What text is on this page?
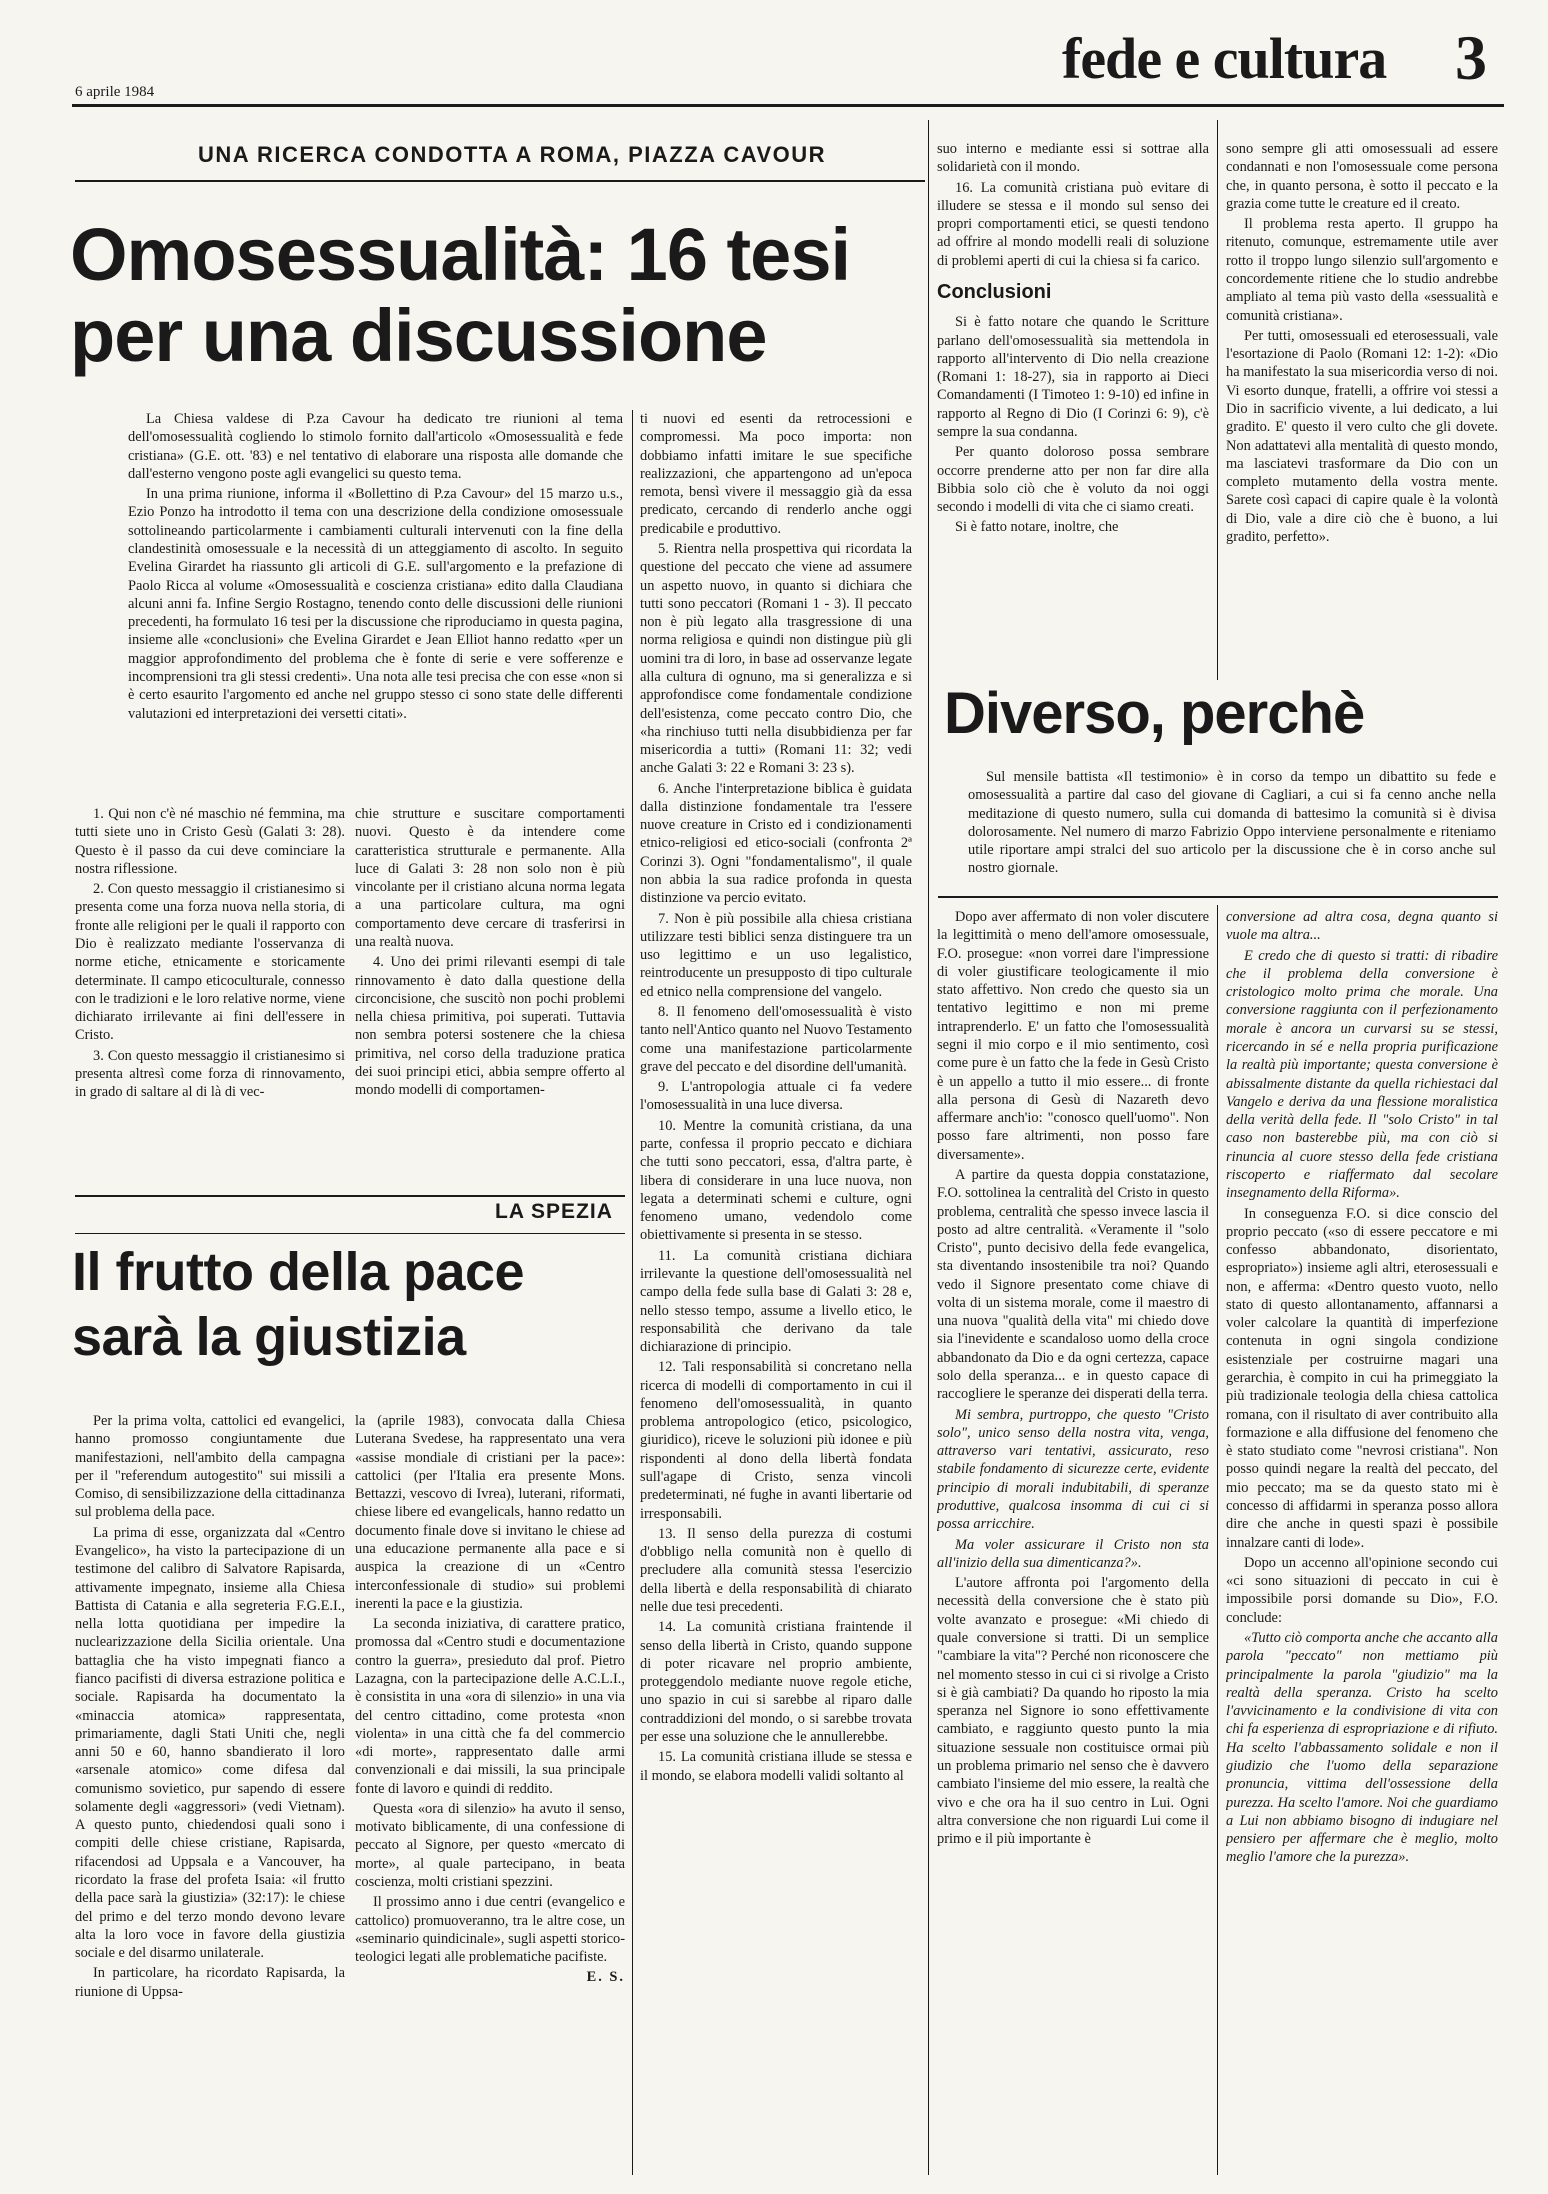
6 aprile 1984
fede e cultura 3
UNA RICERCA CONDOTTA A ROMA, PIAZZA CAVOUR
Omosessualità: 16 tesi
per una discussione

La Chiesa valdese di P.za Cavour ha dedicato tre riunioni al tema dell'omosessualità cogliendo lo stimolo fornito dall'articolo «Omosessualità e fede cristiana» (G.E. ott. '83) e nel tentativo di elaborare una risposta alle domande che dall'esterno vengono poste agli evangelici su questo tema.

In una prima riunione, informa il «Bollettino di P.za Cavour» del 15 marzo u.s., Ezio Ponzo ha introdotto il tema con una descrizione della condizione omosessuale sottolineando particolarmente i cambiamenti culturali intervenuti con la fine della clandestinità omosessuale e la necessità di un atteggiamento di ascolto. In seguito Evelina Girardet ha riassunto gli articoli di G.E. sull'argomento e la prefazione di Paolo Ricca al volume «Omosessualità e coscienza cristiana» edito dalla Claudiana alcuni anni fa. Infine Sergio Rostagno, tenendo conto delle discussioni delle riunioni precedenti, ha formulato 16 tesi per la discussione che riproduciamo in questa pagina, insieme alle «conclusioni» che Evelina Girardet e Jean Elliot hanno redatto «per un maggior approfondimento del problema che è fonte di serie e vere sofferenze e incomprensioni tra gli stessi credenti». Una nota alle tesi precisa che con esse «non si è certo esaurito l'argomento ed anche nel gruppo stesso ci sono state delle differenti valutazioni ed interpretazioni dei versetti citati».

1. Qui non c'è né maschio né femmina, ma tutti siete uno in Cristo Gesù (Galati 3: 28). Questo è il passo da cui deve cominciare la nostra riflessione.

2. Con questo messaggio il cristianesimo si presenta come una forza nuova nella storia, di fronte alle religioni per le quali il rapporto con Dio è realizzato mediante l'osservanza di norme etiche, etnicamente e storicamente determinate. Il campo eticoculturale, connesso con le tradizioni e le loro relative norme, viene dichiarato irrilevante ai fini dell'essere in Cristo.

3. Con questo messaggio il cristianesimo si presenta altresì come forza di rinnovamento, in grado di saltare al di là di vec-

chie strutture e suscitare comportamenti nuovi. Questo è da intendere come caratteristica strutturale e permanente. Alla luce di Galati 3: 28 non solo non è più vincolante per il cristiano alcuna norma legata a una particolare cultura, ma ogni comportamento deve cercare di trasferirsi in una realtà nuova.

4. Uno dei primi rilevanti esempi di tale rinnovamento è dato dalla questione della circoncisione, che suscitò non pochi problemi nella chiesa primitiva, poi superati. Tuttavia non sembra potersi sostenere che la chiesa primitiva, nel corso della traduzione pratica dei suoi principi etici, abbia sempre offerto al mondo modelli di comportamen-

ti nuovi ed esenti da retrocessioni e compromessi. Ma poco importa: non dobbiamo infatti imitare le sue specifiche realizzazioni, che appartengono ad un'epoca remota, bensì vivere il messaggio già da essa predicato, cercando di renderlo anche oggi predicabile e produttivo.

5. Rientra nella prospettiva qui ricordata la questione del peccato che viene ad assumere un aspetto nuovo, in quanto si dichiara che tutti sono peccatori (Romani 1 - 3). Il peccato non è più legato alla trasgressione di una norma religiosa e quindi non distingue più gli uomini tra di loro, in base ad osservanze legate alla cultura di ognuno, ma si generalizza e si approfondisce come fondamentale condizione dell'esistenza, come peccato contro Dio, che «ha rinchiuso tutti nella disubbidienza per far misericordia a tutti» (Romani 11: 32; vedi anche Galati 3: 22 e Romani 3: 23 s).

6. Anche l'interpretazione biblica è guidata dalla distinzione fondamentale tra l'essere nuove creature in Cristo ed i condizionamenti etnico-religiosi ed etico-sociali (confronta 2ª Corinzi 3). Ogni "fondamentalismo", il quale non abbia la sua radice profonda in questa distinzione va percio evitato.

7. Non è più possibile alla chiesa cristiana utilizzare testi biblici senza distinguere tra un uso legittimo e un uso legalistico, reintroducente un presupposto di tipo culturale ed etnico nella comprensione del vangelo.

8. Il fenomeno dell'omosessualità è visto tanto nell'Antico quanto nel Nuovo Testamento come una manifestazione particolarmente grave del peccato e del disordine dell'umanità.

9. L'antropologia attuale ci fa vedere l'omosessualità in una luce diversa.

10. Mentre la comunità cristiana, da una parte, confessa il proprio peccato e dichiara che tutti sono peccatori, essa, d'altra parte, è libera di considerare in una luce nuova, non legata a determinati schemi e culture, ogni fenomeno umano, vedendolo come obiettivamente si presenta in se stesso.

11. La comunità cristiana dichiara irrilevante la questione dell'omosessualità nel campo della fede sulla base di Galati 3: 28 e, nello stesso tempo, assume a livello etico, le responsabilità che derivano da tale dichiarazione di principio.

12. Tali responsabilità si concretano nella ricerca di modelli di comportamento in cui il fenomeno dell'omosessualità, in quanto problema antropologico (etico, psicologico, giuridico), riceve le soluzioni più idonee e più rispondenti al dono della libertà fondata sull'agape di Cristo, senza vincoli predeterminati, né fughe in avanti libertarie od irresponsabili.

13. Il senso della purezza di costumi d'obbligo nella comunità non è quello di precludere alla comunità stessa l'esercizio della libertà e della responsabilità di chiarato nelle due tesi precedenti.

14. La comunità cristiana fraintende il senso della libertà in Cristo, quando suppone di poter ricavare nel proprio ambiente, proteggendolo mediante nuove regole etiche, uno spazio in cui si sarebbe al riparo dalle contraddizioni del mondo, o si sarebbe trovata per esse una soluzione che le annullerebbe.

15. La comunità cristiana illude se stessa e il mondo, se elabora modelli validi soltanto al

suo interno e mediante essi si sottrae alla solidarietà con il mondo.

16. La comunità cristiana può evitare di illudere se stessa e il mondo sul senso dei propri comportamenti etici, se questi tendono ad offrire al mondo modelli reali di soluzione di problemi aperti di cui la chiesa si fa carico.

Conclusioni

Si è fatto notare che quando le Scritture parlano dell'omosessualità sia mettendola in rapporto all'intervento di Dio nella creazione (Romani 1: 18-27), sia in rapporto ai Dieci Comandamenti (I Timoteo 1: 9-10) ed infine in rapporto al Regno di Dio (I Corinzi 6: 9), c'è sempre la sua condanna.

Per quanto doloroso possa sembrare occorre prenderne atto per non far dire alla Bibbia solo ciò che è voluto da noi oggi secondo i modelli di vita che ci siamo creati.

Si è fatto notare, inoltre, che

sono sempre gli atti omosessuali ad essere condannati e non l'omosessuale come persona che, in quanto persona, è sotto il peccato e la grazia come tutte le creature ed il creato.

Il problema resta aperto. Il gruppo ha ritenuto, comunque, estremamente utile aver rotto il troppo lungo silenzio sull'argomento e concordemente ritiene che lo studio andrebbe ampliato al tema più vasto della «sessualità e comunità cristiana».

Per tutti, omosessuali ed eterosessuali, vale l'esortazione di Paolo (Romani 12: 1-2): «Dio ha manifestato la sua misericordia verso di noi. Vi esorto dunque, fratelli, a offrire voi stessi a Dio in sacrificio vivente, a lui dedicato, a lui gradito. E' questo il vero culto che gli dovete. Non adattatevi alla mentalità di questo mondo, ma lasciatevi trasformare da Dio con un completo mutamento della vostra mente. Sarete così capaci di capire quale è la volontà di Dio, vale a dire ciò che è buono, a lui gradito, perfetto».

Diverso, perchè

Sul mensile battista «Il testimonio» è in corso da tempo un dibattito su fede e omosessualità a partire dal caso del giovane di Cagliari, a cui si fa cenno anche nella meditazione di questo numero, sulla cui domanda di battesimo la comunità si è divisa dolorosamente. Nel numero di marzo Fabrizio Oppo interviene personalmente e riteniamo utile riportare ampi stralci del suo articolo per la discussione che è in corso anche sul nostro giornale.

Dopo aver affermato di non voler discutere la legittimità o meno dell'amore omosessuale, F.O. prosegue: «non vorrei dare l'impressione di voler giustificare teologicamente il mio stato affettivo. Non credo che questo sia un tentativo legittimo e non mi preme intraprenderlo. E' un fatto che l'omosessualità segni il mio corpo e il mio sentimento, così come pure è un fatto che la fede in Gesù Cristo è un appello a tutto il mio essere... di fronte alla persona di Gesù di Nazareth devo affermare anch'io: "conosco quell'uomo". Non posso fare altrimenti, non posso fare diversamente».

A partire da questa doppia constatazione, F.O. sottolinea la centralità del Cristo in questo problema, centralità che spesso invece lascia il posto ad altre centralità. «Veramente il "solo Cristo", punto decisivo della fede evangelica, sta diventando insostenibile tra noi? Quando vedo il Signore presentato come chiave di volta di un sistema morale, come il maestro di una nuova "qualità della vita" mi chiedo dove sia l'inevidente e scandaloso uomo della croce abbandonato da Dio e da ogni certezza, capace solo della speranza... e in questo capace di raccogliere le speranze dei disperati della terra.

Mi sembra, purtroppo, che questo "Cristo solo", unico senso della nostra vita, venga, attraverso vari tentativi, assicurato, reso stabile fondamento di sicurezze certe, evidente principio di morali indubitabili, di speranze produttive, qualcosa insomma di cui ci si possa arricchire.

Ma voler assicurare il Cristo non sta all'inizio della sua dimenticanza?».

L'autore affronta poi l'argomento della necessità della conversione che è stato più volte avanzato e prosegue: «Mi chiedo di quale conversione si tratti. Di un semplice "cambiare la vita"? Perché non riconoscere che nel momento stesso in cui ci si rivolge a Cristo si è già cambiati? Da quando ho riposto la mia speranza nel Signore io sono effettivamente cambiato, e raggiunto questo punto la mia situazione sessuale non costituisce ormai più un problema primario nel senso che è davvero cambiato l'insieme del mio essere, la realtà che vivo e che ora ha il suo centro in Lui. Ogni altra conversione che non riguardi Lui come il primo e il più importante è

conversione ad altra cosa, degna quanto si vuole ma altra...

E credo che di questo si tratti: di ribadire che il problema della conversione è cristologico molto prima che morale. Una conversione raggiunta con il perfezionamento morale è ancora un curvarsi su se stessi, ricercando in sé e nella propria purificazione la realtà più importante; questa conversione è abissalmente distante da quella richiestaci dal Vangelo e deriva da una flessione moralistica della verità della fede. Il "solo Cristo" in tal caso non basterebbe più, ma con ciò si rinuncia al cuore stesso della fede cristiana riscoperto e riaffermato dal secolare insegnamento della Riforma».

In conseguenza F.O. si dice conscio del proprio peccato («so di essere peccatore e mi confesso abbandonato, disorientato, espropriato») insieme agli altri, eterosessuali e non, e afferma: «Dentro questo vuoto, nello stato di questo allontanamento, affannarsi a voler calcolare la quantità di imperfezione contenuta in ogni singola condizione esistenziale per costruirne magari una gerarchia, è compito in cui ha primeggiato la più tradizionale teologia della chiesa cattolica romana, con il risultato di aver contribuito alla formazione e alla diffusione del fenomeno che è stato studiato come "nevrosi cristiana". Non posso quindi negare la realtà del peccato, del mio peccato; ma se da questo stato mi è concesso di affidarmi in speranza posso allora dire che anche in questi spazi è possibile innalzare canti di lode».

Dopo un accenno all'opinione secondo cui «ci sono situazioni di peccato in cui è impossibile porsi domande su Dio», F.O. conclude:

«Tutto ciò comporta anche che accanto alla parola "peccato" non mettiamo più principalmente la parola "giudizio" ma la realtà della speranza. Cristo ha scelto l'avvicinamento e la condivisione di vita con chi fa esperienza di espropriazione e di rifiuto. Ha scelto l'abbassamento solidale e non il giudizio che l'uomo della separazione pronuncia, vittima dell'ossessione della purezza. Ha scelto l'amore. Noi che guardiamo a Lui non abbiamo bisogno di indugiare nel pensiero per affermare che è meglio, molto meglio l'amore che la purezza».

LA SPEZIA
Il frutto della pace
sarà la giustizia

Per la prima volta, cattolici ed evangelici, hanno promosso congiuntamente due manifestazioni, nell'ambito della campagna per il "referendum autogestito" sui missili a Comiso, di sensibilizzazione della cittadinanza sul problema della pace.

La prima di esse, organizzata dal «Centro Evangelico», ha visto la partecipazione di un testimone del calibro di Salvatore Rapisarda, attivamente impegnato, insieme alla Chiesa Battista di Catania e alla segreteria F.G.E.I., nella lotta quotidiana per impedire la nuclearizzazione della Sicilia orientale. Una battaglia che ha visto impegnati fianco a fianco pacifisti di diversa estrazione politica e sociale. Rapisarda ha documentato la «minaccia atomica» rappresentata, primariamente, dagli Stati Uniti che, negli anni 50 e 60, hanno sbandierato il loro «arsenale atomico» come difesa dal comunismo sovietico, pur sapendo di essere solamente degli «aggressori» (vedi Vietnam). A questo punto, chiedendosi quali sono i compiti delle chiese cristiane, Rapisarda, rifacendosi ad Uppsala e a Vancouver, ha ricordato la frase del profeta Isaia: «il frutto della pace sarà la giustizia» (32:17): le chiese del primo e del terzo mondo devono levare alta la loro voce in favore della giustizia sociale e del disarmo unilaterale.

In particolare, ha ricordato Rapisarda, la riunione di Uppsa-

la (aprile 1983), convocata dalla Chiesa Luterana Svedese, ha rappresentato una vera «assise mondiale di cristiani per la pace»: cattolici (per l'Italia era presente Mons. Bettazzi, vescovo di Ivrea), luterani, riformati, chiese libere ed evangelicals, hanno redatto un documento finale dove si invitano le chiese ad una educazione permanente alla pace e si auspica la creazione di un «Centro interconfessionale di studio» sui problemi inerenti la pace e la giustizia.

La seconda iniziativa, di carattere pratico, promossa dal «Centro studi e documentazione contro la guerra», presieduto dal prof. Pietro Lazagna, con la partecipazione delle A.C.L.I., è consistita in una «ora di silenzio» in una via del centro cittadino, come protesta «non violenta» in una città che fa del commercio «di morte», rappresentato dalle armi convenzionali e dai missili, la sua principale fonte di lavoro e quindi di reddito.

Questa «ora di silenzio» ha avuto il senso, motivato biblicamente, di una confessione di peccato al Signore, per questo «mercato di morte», al quale partecipano, in beata coscienza, molti cristiani spezzini.

Il prossimo anno i due centri (evangelico e cattolico) promuoveranno, tra le altre cose, un «seminario quindicinale», sugli aspetti storico-teologici legati alle problematiche pacifiste.

E. S.
